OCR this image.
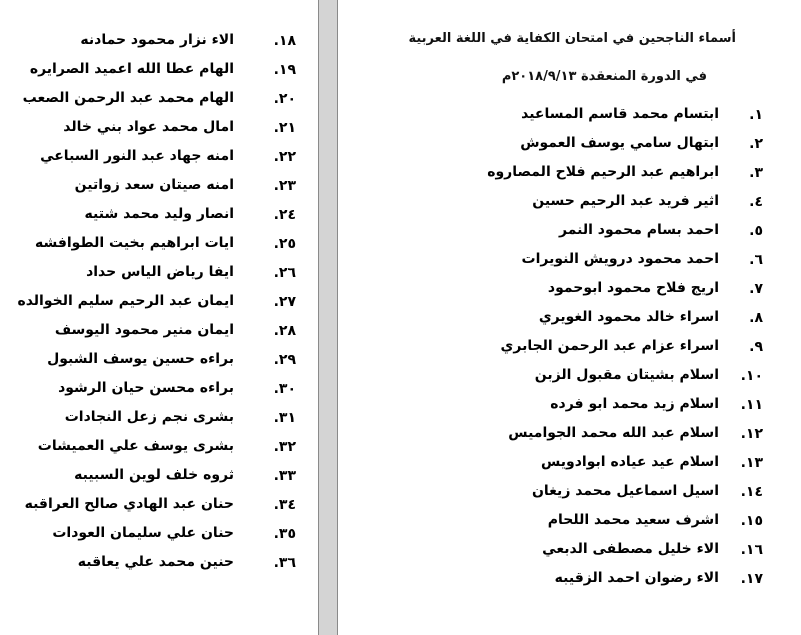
.١٨
الاء نزار محمود حمادنه
.١٩
الهام عطا الله اعميد الصرايره
.٢٠
الهام محمد عبد الرحمن الصعب
.٢١
امال محمد عواد بني خالد
.٢٢
امنه جهاد عبد النور السباعي
.٢٣
امنه صيتان سعد زواتين
.٢٤
انصار وليد محمد شتيه
.٢٥
ايات ابراهيم بخيت الطوافشه
.٢٦
ايفا رياض الياس حداد
.٢٧
ايمان عبد الرحيم سليم الخوالده
.٢٨
ايمان منير محمود اليوسف
.٢٩
براءه حسين يوسف الشبول
.٣٠
براءه محسن حيان الرشود
.٣١
بشرى نجم زعل النجادات
.٣٢
بشرى يوسف علي العميشات
.٣٣
ثروه خلف لوين السبيبه
.٣٤
حنان عبد الهادي صالح العراقبه
.٣٥
حنان علي سليمان العودات
.٣٦
حنين محمد علي يعاقبه
أسماء الناجحين في امتحان الكفاية في اللغة العربية
في الدورة المنعقدة ٢٠١٨/٩/١٣م
.١
ابتسام محمد قاسم المساعيد
.٢
ابتهال سامي يوسف العموش
.٣
ابراهيم عبد الرحيم فلاح المصاروه
.٤
اثير فريد عبد الرحيم حسين
.٥
احمد بسام محمود النمر
.٦
احمد محمود درويش النويرات
.٧
اريج فلاح محمود ابوحمود
.٨
اسراء خالد محمود الغويري
.٩
اسراء عزام عبد الرحمن الجابري
.١٠
اسلام بشيتان مقبول الزبن
.١١
اسلام زيد محمد ابو فرده
.١٢
اسلام عبد الله محمد الجواميس
.١٣
اسلام عيد عياده ابوادويس
.١٤
اسيل اسماعيل محمد زيغان
.١٥
اشرف سعيد محمد اللحام
.١٦
الاء خليل مصطفى الدبعي
.١٧
الاء رضوان احمد الزقيبه
